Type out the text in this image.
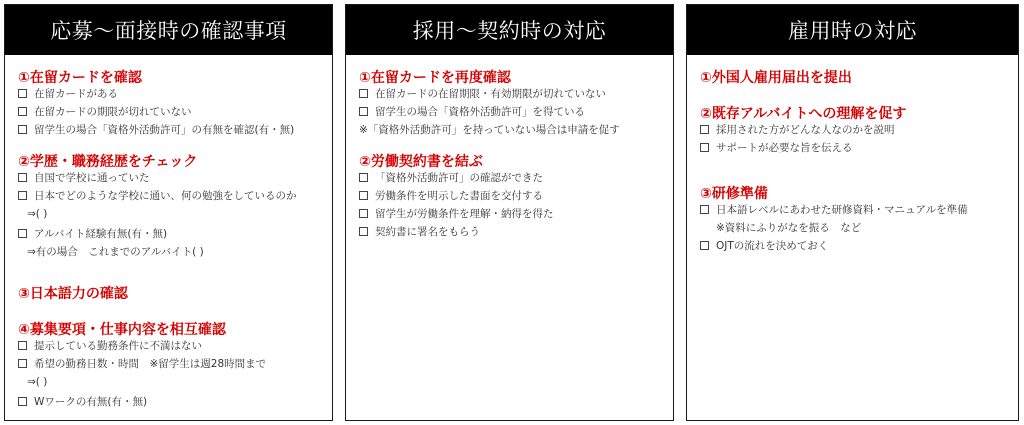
応募～面接時の確認事項
①在留カードを確認
在留カードがある
在留カードの期限が切れていない
留学生の場合「資格外活動許可」の有無を確認(有・無)
②学歴・職務経歴をチェック
自国で学校に通っていた
日本でどのような学校に通い、何の勉強をしているのか
⇒( )
アルバイト経験有無(有・無)
⇒有の場合　これまでのアルバイト( )
③日本語力の確認
④募集要項・仕事内容を相互確認
提示している勤務条件に不満はない
希望の勤務日数・時間　※留学生は週28時間まで
⇒( )
Wワークの有無(有・無)
採用～契約時の対応
①在留カードを再度確認
在留カードの在留期限・有効期限が切れていない
留学生の場合「資格外活動許可」を得ている
※「資格外活動許可」を持っていない場合は申請を促す
②労働契約書を結ぶ
「資格外活動許可」の確認ができた
労働条件を明示した書面を交付する
留学生が労働条件を理解・納得を得た
契約書に署名をもらう
雇用時の対応
①外国人雇用届出を提出
②既存アルバイトへの理解を促す
採用された方がどんな人なのかを説明
サポートが必要な旨を伝える
③研修準備
日本語レベルにあわせた研修資料・マニュアルを準備
※資料にふりがなを振る　など
OJTの流れを決めておく
